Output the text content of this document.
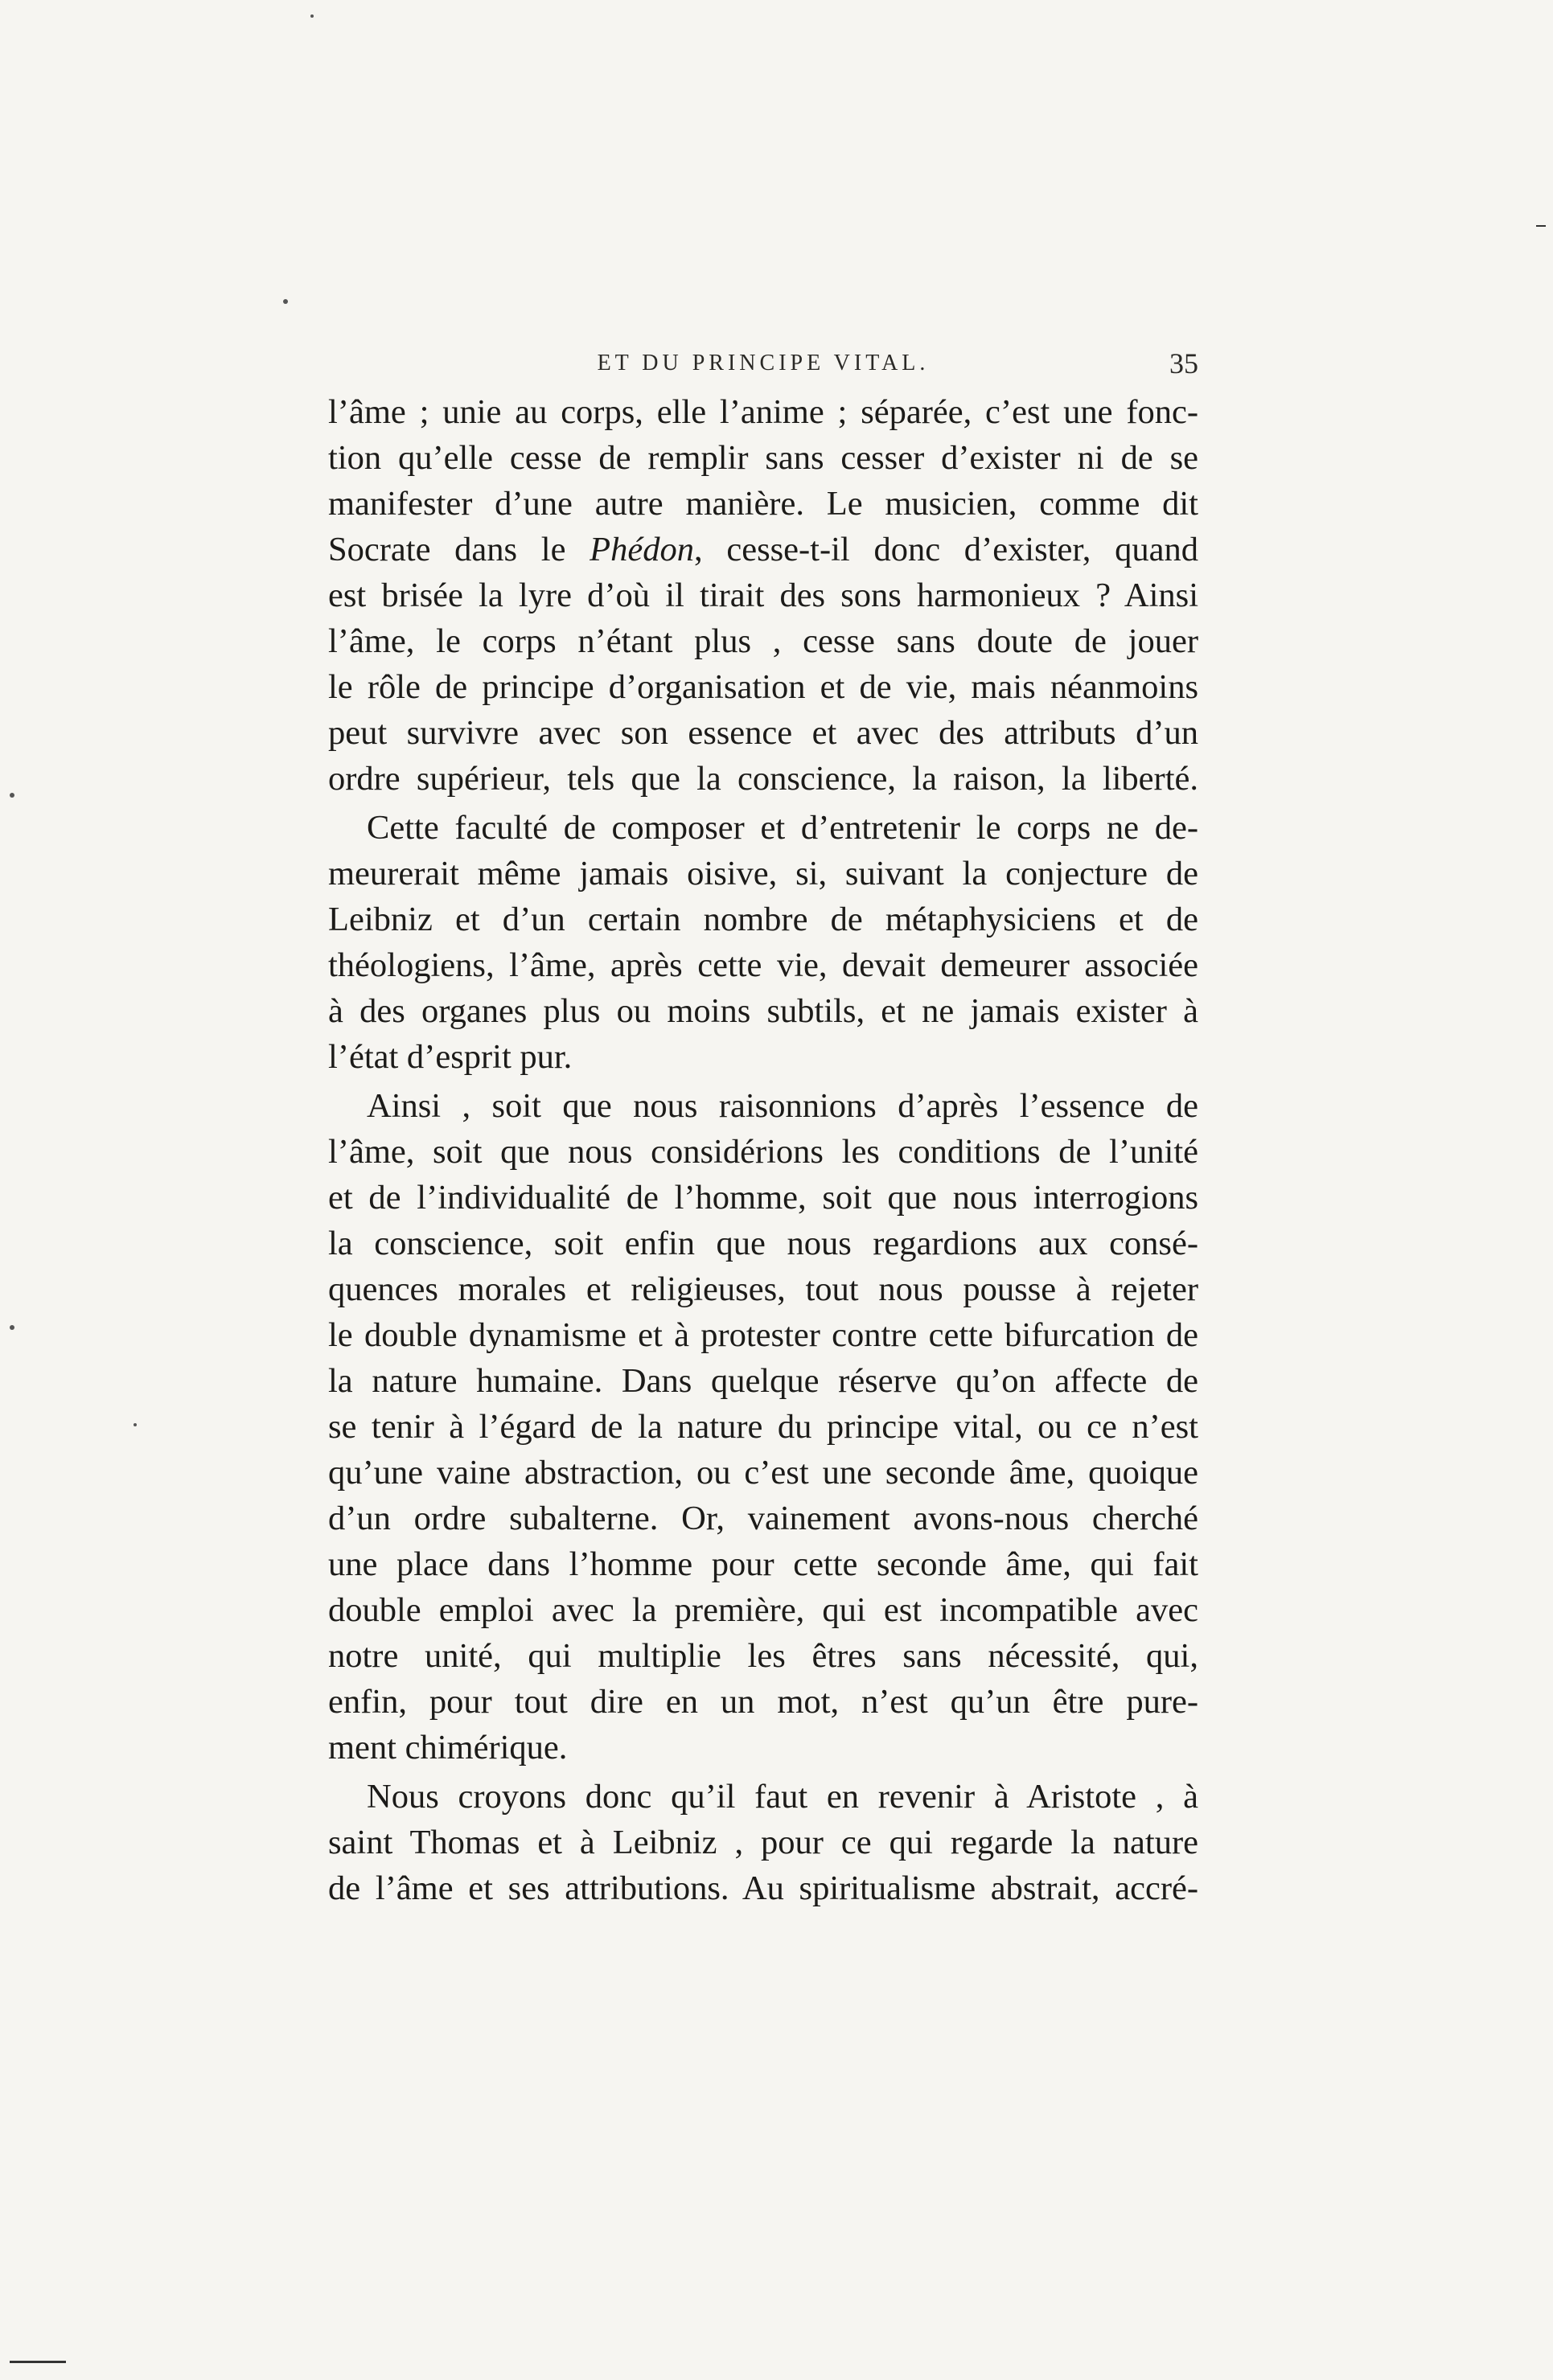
ET DU PRINCIPE VITAL.	35
l’âme ; unie au corps, elle l’anime ; séparée, c’est une fonc-
tion qu’elle cesse de remplir sans cesser d’exister ni de se
manifester d’une autre manière. Le musicien, comme dit
Socrate dans le Phédon, cesse-t-il donc d’exister, quand
est brisée la lyre d’où il tirait des sons harmonieux ? Ainsi
l’âme, le corps n’étant plus , cesse sans doute de jouer
le rôle de principe d’organisation et de vie, mais néanmoins
peut survivre avec son essence et avec des attributs d’un
ordre supérieur, tels que la conscience, la raison, la liberté.
Cette faculté de composer et d’entretenir le corps ne de-
meurerait même jamais oisive, si, suivant la conjecture de
Leibniz et d’un certain nombre de métaphysiciens et de
théologiens, l’âme, après cette vie, devait demeurer associée
à des organes plus ou moins subtils, et ne jamais exister à
l’état d’esprit pur.
Ainsi , soit que nous raisonnions d’après l’essence de
l’âme, soit que nous considérions les conditions de l’unité
et de l’individualité de l’homme, soit que nous interrogions
la conscience, soit enfin que nous regardions aux consé-
quences morales et religieuses, tout nous pousse à rejeter
le double dynamisme et à protester contre cette bifurcation de
la nature humaine. Dans quelque réserve qu’on affecte de
se tenir à l’égard de la nature du principe vital, ou ce n’est
qu’une vaine abstraction, ou c’est une seconde âme, quoique
d’un ordre subalterne. Or, vainement avons-nous cherché
une place dans l’homme pour cette seconde âme, qui fait
double emploi avec la première, qui est incompatible avec
notre unité, qui multiplie les êtres sans nécessité, qui,
enfin, pour tout dire en un mot, n’est qu’un être pure-
ment chimérique.
Nous croyons donc qu’il faut en revenir à Aristote , à
saint Thomas et à Leibniz , pour ce qui regarde la nature
de l’âme et ses attributions. Au spiritualisme abstrait, accré-
